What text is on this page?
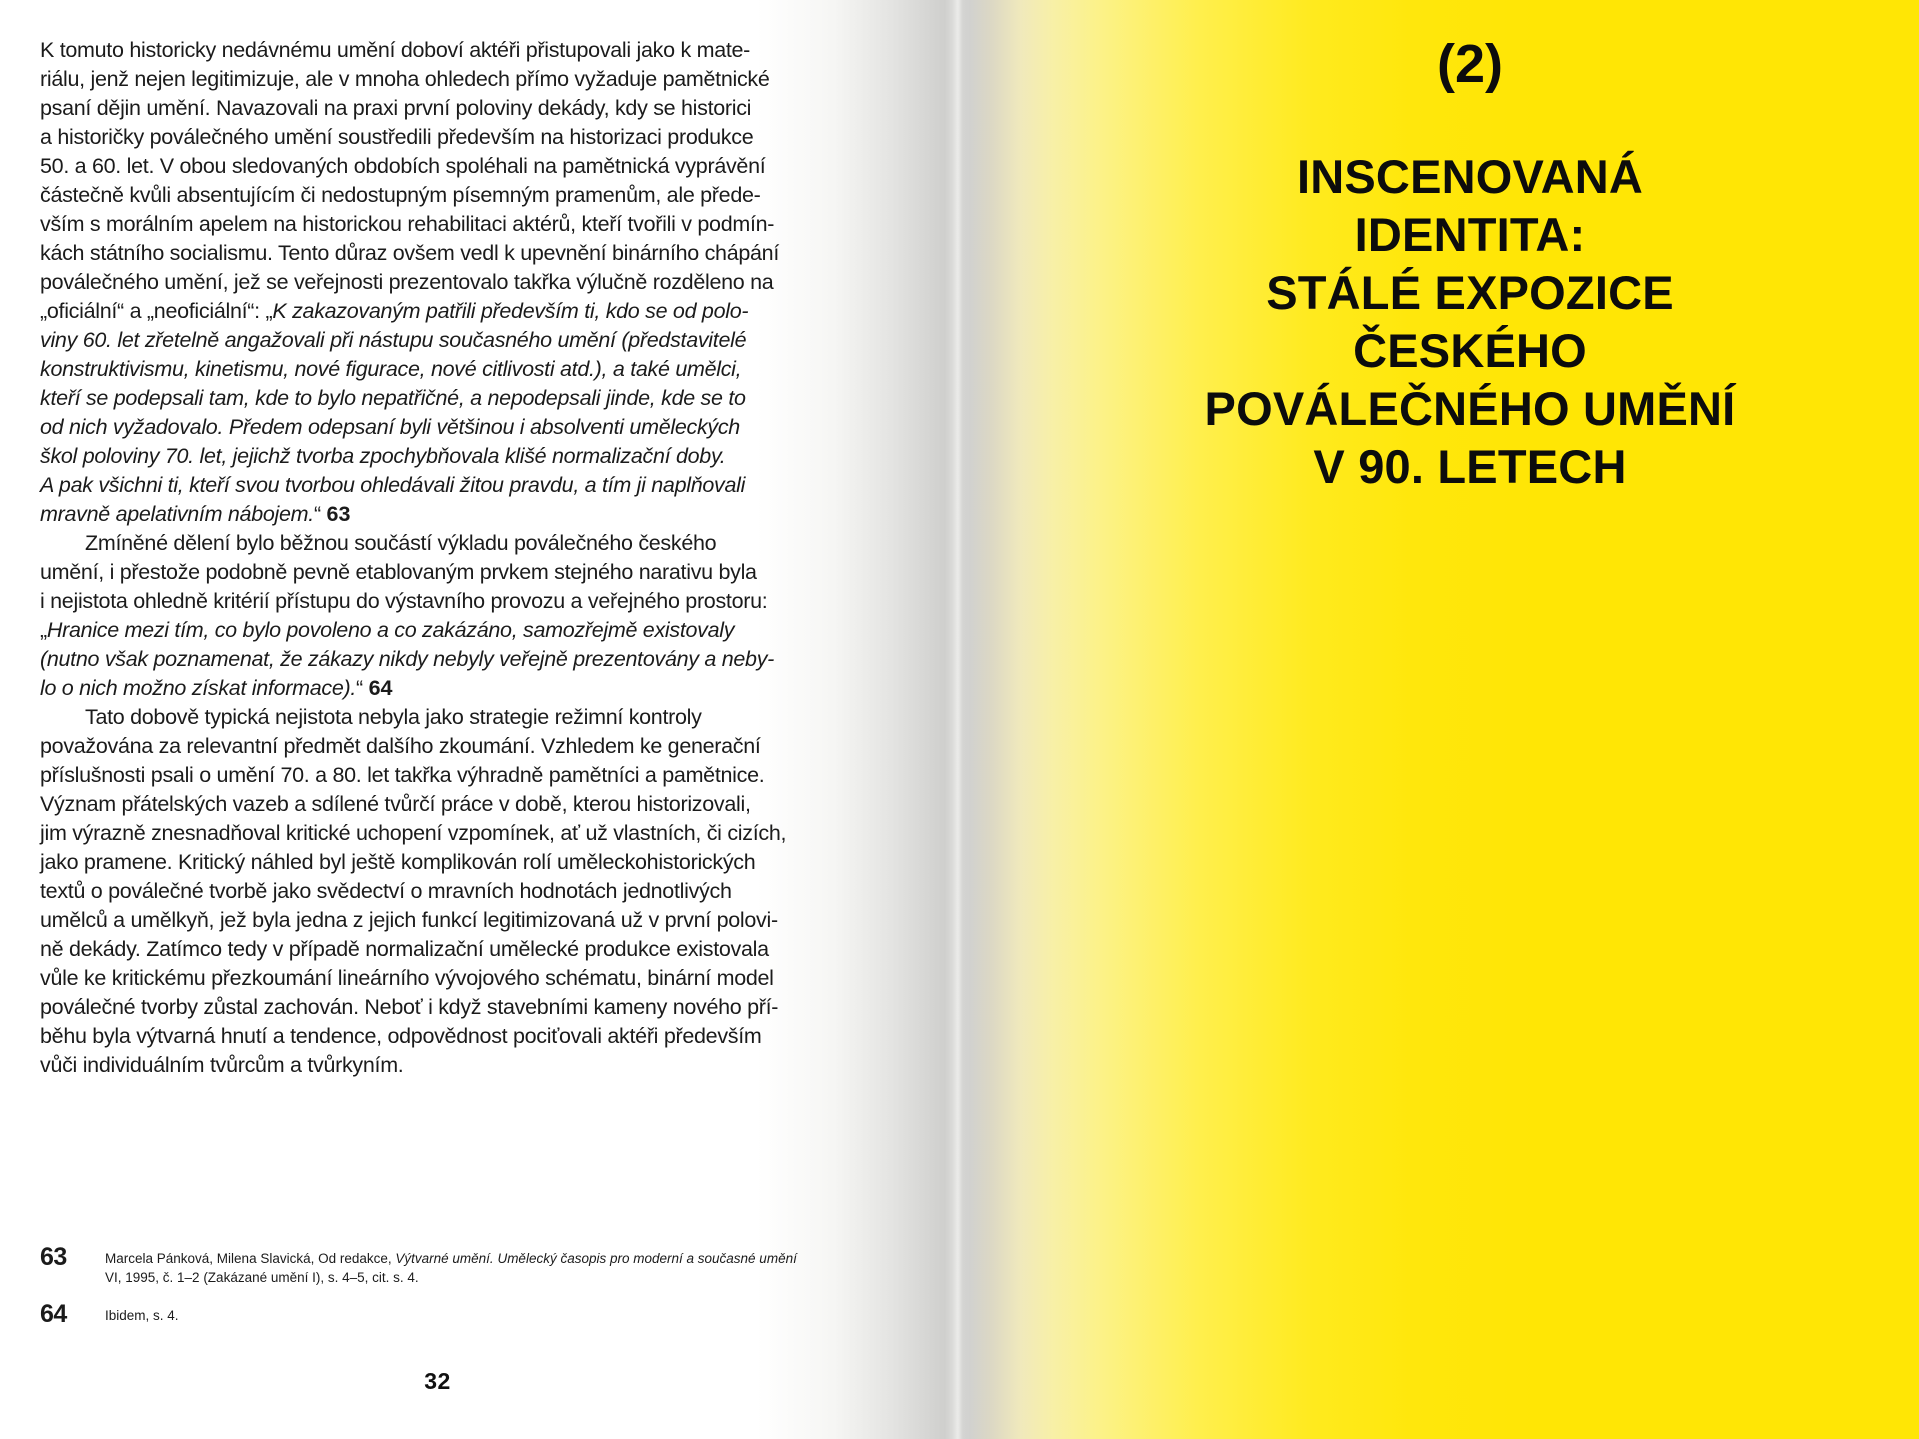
K tomuto historicky nedávnému umění doboví aktéři přistupovali jako k mate-
riálu, jenž nejen legitimizuje, ale v mnoha ohledech přímo vyžaduje pamětnické
psaní dějin umění. Navazovali na praxi první poloviny dekády, kdy se historici
a historičky poválečného umění soustředili především na historizaci produkce
50. a 60. let. V obou sledovaných obdobích spoléhali na pamětnická vyprávění
částečně kvůli absentujícím či nedostupným písemným pramenům, ale přede-
vším s morálním apelem na historickou rehabilitaci aktérů, kteří tvořili v podmín-
kách státního socialismu. Tento důraz ovšem vedl k upevnění binárního chápání
poválečného umění, jež se veřejnosti prezentovalo takřka výlučně rozděleno na
„oficiální“ a „neoficiální“: „K zakazovaným patřili především ti, kdo se od polo-
viny 60. let zřetelně angažovali při nástupu současného umění (představitelé
konstruktivismu, kinetismu, nové figurace, nové citlivosti atd.), a také umělci,
kteří se podepsali tam, kde to bylo nepatřičné, a nepodepsali jinde, kde se to
od nich vyžadovalo. Předem odepsaní byli většinou i absolventi uměleckých
škol poloviny 70. let, jejichž tvorba zpochybňovala klišé normalizační doby.
A pak všichni ti, kteří svou tvorbou ohledávali žitou pravdu, a tím ji naplňovali
mravně apelativním nábojem.“ 63
Zmíněné dělení bylo běžnou součástí výkladu poválečného českého
umění, i přestože podobně pevně etablovaným prvkem stejného narativu byla
i nejistota ohledně kritérií přístupu do výstavního provozu a veřejného prostoru:
„Hranice mezi tím, co bylo povoleno a co zakázáno, samozřejmě existovaly
(nutno však poznamenat, že zákazy nikdy nebyly veřejně prezentovány a neby-
lo o nich možno získat informace).“ 64
Tato dobově typická nejistota nebyla jako strategie režimní kontroly
považována za relevantní předmět dalšího zkoumání. Vzhledem ke generační
příslušnosti psali o umění 70. a 80. let takřka výhradně pamětníci a pamětnice.
Význam přátelských vazeb a sdílené tvůrčí práce v době, kterou historizovali,
jim výrazně znesnadňoval kritické uchopení vzpomínek, ať už vlastních, či cizích,
jako pramene. Kritický náhled byl ještě komplikován rolí uměleckohistorických
textů o poválečné tvorbě jako svědectví o mravních hodnotách jednotlivých
umělců a umělkyň, jež byla jedna z jejich funkcí legitimizovaná už v první polovi-
ně dekády. Zatímco tedy v případě normalizační umělecké produkce existovala
vůle ke kritickému přezkoumání lineárního vývojového schématu, binární model
poválečné tvorby zůstal zachován. Neboť i když stavebními kameny nového pří-
běhu byla výtvarná hnutí a tendence, odpovědnost pociťovali aktéři především
vůči individuálním tvůrcům a tvůrkyním.
63	Marcela Pánková, Milena Slavická, Od redakce, Výtvarné umění. Umělecký časopis pro moderní a současné umění
VI, 1995, č. 1–2 (Zakázané umění I), s. 4–5, cit. s. 4.
64	Ibidem, s. 4.
32
(2)
INSCENOVANÁ
IDENTITA:
STÁLÉ EXPOZICE
ČESKÉHO
POVÁLEČNÉHO UMĚNÍ
V 90. LETECH
